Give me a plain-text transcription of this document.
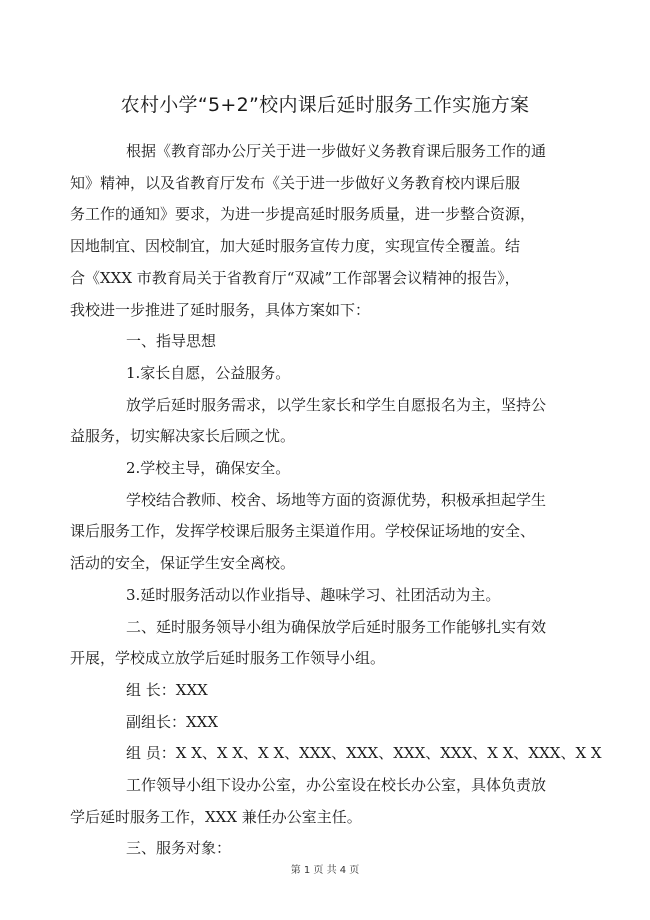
农村小学“5+2”校内课后延时服务工作实施方案

根据《教育部办公厅关于进一步做好义务教育课后服务工作的通
知》精神，以及省教育厅发布《关于进一步做好义务教育校内课后服
务工作的通知》要求，为进一步提高延时服务质量，进一步整合资源，
因地制宜、因校制宜，加大延时服务宣传力度，实现宣传全覆盖。结
合《XXX 市教育局关于省教育厅“双减”工作部署会议精神的报告》，
我校进一步推进了延时服务，具体方案如下：

一、指导思想

1.家长自愿，公益服务。

放学后延时服务需求，以学生家长和学生自愿报名为主，坚持公
益服务，切实解决家长后顾之忧。

2.学校主导，确保安全。

学校结合教师、校舍、场地等方面的资源优势，积极承担起学生
课后服务工作，发挥学校课后服务主渠道作用。学校保证场地的安全、
活动的安全，保证学生安全离校。

3.延时服务活动以作业指导、趣味学习、社团活动为主。

二、延时服务领导小组为确保放学后延时服务工作能够扎实有效
开展，学校成立放学后延时服务工作领导小组。

组 长：XXX

副组长：XXX

组 员：X X、X X、X X、XXX、XXX、XXX、XXX、X X、XXX、X X

工作领导小组下设办公室，办公室设在校长办公室，具体负责放
学后延时服务工作，XXX 兼任办公室主任。

三、服务对象：

第 1 页 共 4 页
